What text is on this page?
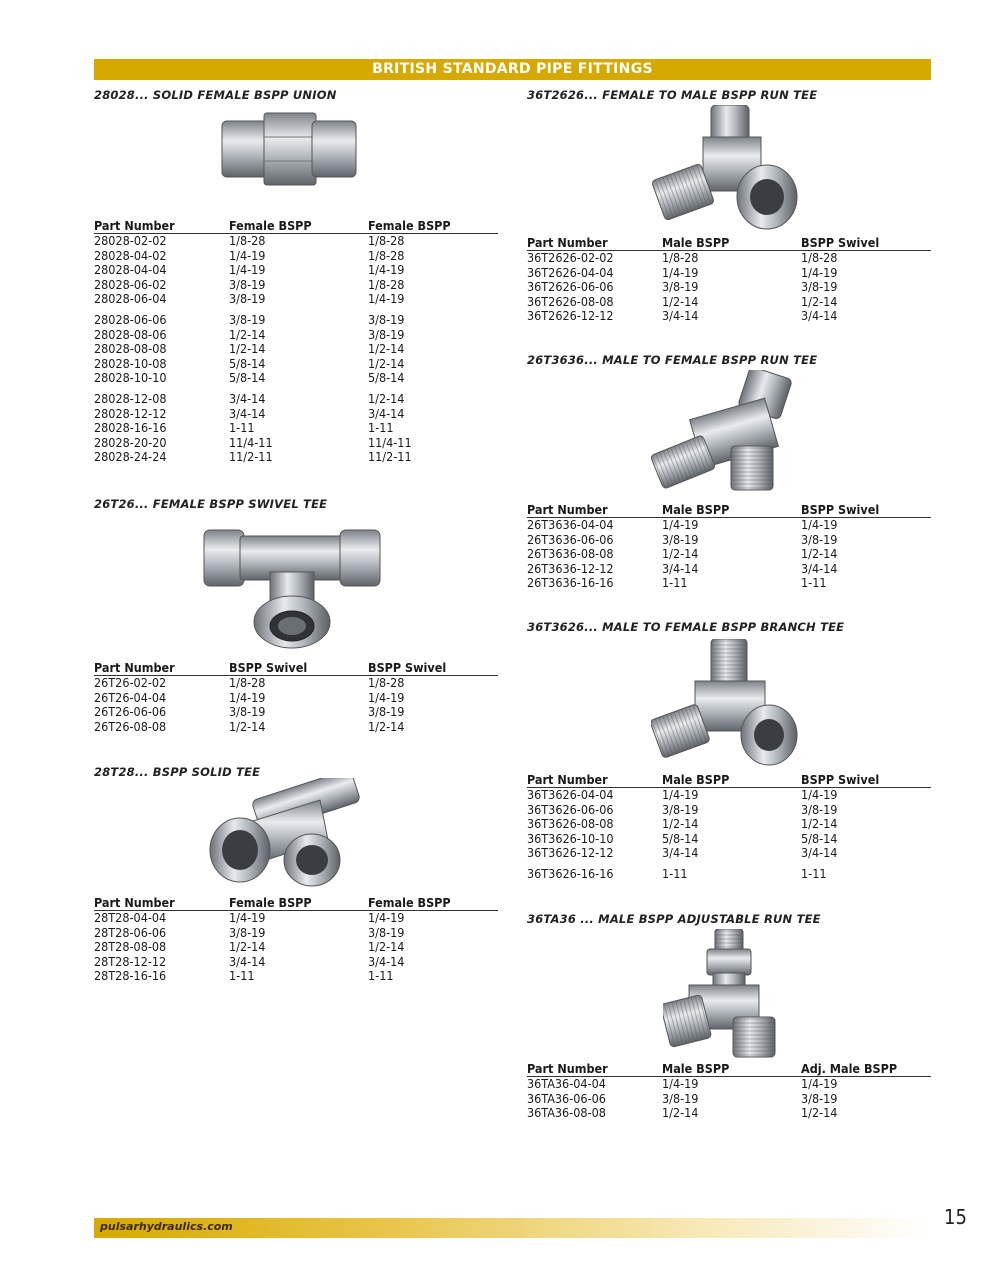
BRITISH STANDARD PIPE FITTINGS
28028... SOLID FEMALE BSPP UNION
Part Number	Female BSPP	Female BSPP
28028-02-02	1/8-28	1/8-28
28028-04-02	1/4-19	1/8-28
28028-04-04	1/4-19	1/4-19
28028-06-02	3/8-19	1/8-28
28028-06-04	3/8-19	1/4-19
28028-06-06	3/8-19	3/8-19
28028-08-06	1/2-14	3/8-19
28028-08-08	1/2-14	1/2-14
28028-10-08	5/8-14	1/2-14
28028-10-10	5/8-14	5/8-14
28028-12-08	3/4-14	1/2-14
28028-12-12	3/4-14	3/4-14
28028-16-16	1-11	1-11
28028-20-20	11/4-11	11/4-11
28028-24-24	11/2-11	11/2-11
26T26... FEMALE BSPP SWIVEL TEE
Part Number	BSPP Swivel	BSPP Swivel
26T26-02-02	1/8-28	1/8-28
26T26-04-04	1/4-19	1/4-19
26T26-06-06	3/8-19	3/8-19
26T26-08-08	1/2-14	1/2-14
28T28... BSPP SOLID TEE
Part Number	Female BSPP	Female BSPP
28T28-04-04	1/4-19	1/4-19
28T28-06-06	3/8-19	3/8-19
28T28-08-08	1/2-14	1/2-14
28T28-12-12	3/4-14	3/4-14
28T28-16-16	1-11	1-11
36T2626... FEMALE TO MALE BSPP RUN TEE
Part Number	Male BSPP	BSPP Swivel
36T2626-02-02	1/8-28	1/8-28
36T2626-04-04	1/4-19	1/4-19
36T2626-06-06	3/8-19	3/8-19
36T2626-08-08	1/2-14	1/2-14
36T2626-12-12	3/4-14	3/4-14
26T3636... MALE TO FEMALE BSPP RUN TEE
Part Number	Male BSPP	BSPP Swivel
26T3636-04-04	1/4-19	1/4-19
26T3636-06-06	3/8-19	3/8-19
26T3636-08-08	1/2-14	1/2-14
26T3636-12-12	3/4-14	3/4-14
26T3636-16-16	1-11	1-11
36T3626... MALE TO FEMALE BSPP BRANCH TEE
Part Number	Male BSPP	BSPP Swivel
36T3626-04-04	1/4-19	1/4-19
36T3626-06-06	3/8-19	3/8-19
36T3626-08-08	1/2-14	1/2-14
36T3626-10-10	5/8-14	5/8-14
36T3626-12-12	3/4-14	3/4-14
36T3626-16-16	1-11	1-11
36TA36 ... MALE BSPP ADJUSTABLE RUN TEE
Part Number	Male BSPP	Adj. Male BSPP
36TA36-04-04	1/4-19	1/4-19
36TA36-06-06	3/8-19	3/8-19
36TA36-08-08	1/2-14	1/2-14
pulsarhydraulics.com	15
